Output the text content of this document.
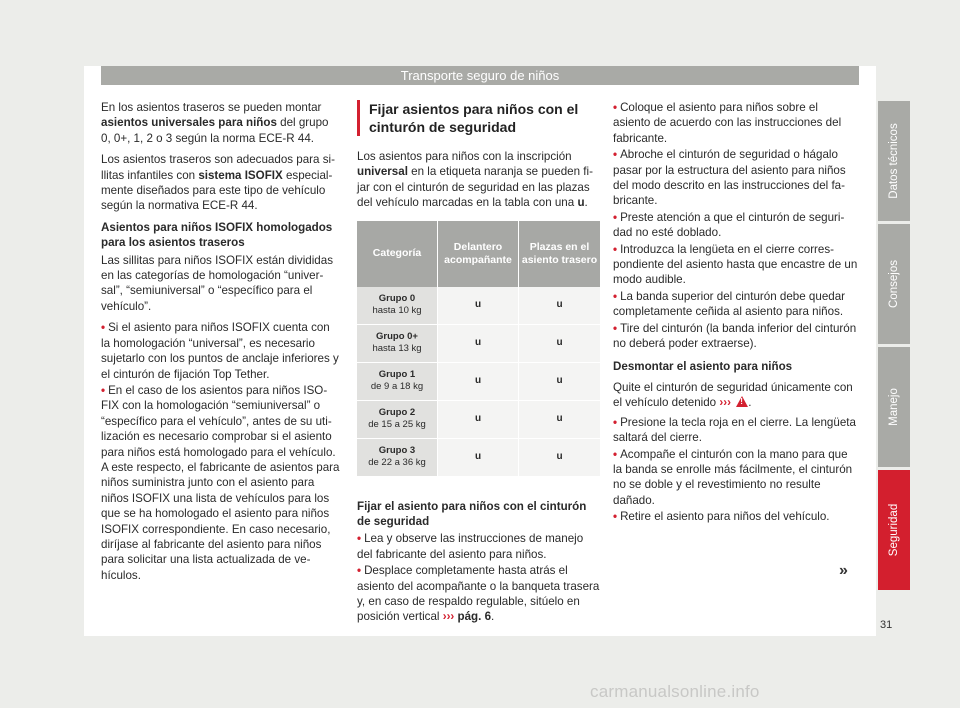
Transporte seguro de niños

En los asientos traseros se pueden montar asientos universales para niños del grupo 0, 0+, 1, 2 o 3 según la norma ECE-R 44.

Los asientos traseros son adecuados para sillitas infantiles con sistema ISOFIX especialmente diseñados para este tipo de vehículo según la normativa ECE-R 44.

Asientos para niños ISOFIX homologados para los asientos traseros

Las sillitas para niños ISOFIX están divididas en las categorías de homologación “universal”, “semiuniversal” o “específico para el vehículo”.

• Si el asiento para niños ISOFIX cuenta con la homologación “universal”, es necesario sujetarlo con los puntos de anclaje inferiores y el cinturón de fijación Top Tether.

• En el caso de los asientos para niños ISOFIX con la homologación “semiuniversal” o “específico para el vehículo”, antes de su utilización es necesario comprobar si el asiento para niños está homologado para el vehículo. A este respecto, el fabricante de asientos para niños suministra junto con el asiento para niños ISOFIX una lista de vehículos para los que se ha homologado el asiento para niños ISOFIX correspondiente. En caso necesario, diríjase al fabricante del asiento para niños para solicitar una lista actualizada de vehículos.

Fijar asientos para niños con el
cinturón de seguridad

Los asientos para niños con la inscripción universal en la etiqueta naranja se pueden fijar con el cinturón de seguridad en las plazas del vehículo marcadas en la tabla con una u.

Categoría	Delantero acompañante	Plazas en el asiento trasero

Grupo 0
hasta 10 kg	u	u

Grupo 0+
hasta 13 kg	u	u

Grupo 1
de 9 a 18 kg	u	u

Grupo 2
de 15 a 25 kg	u	u

Grupo 3
de 22 a 36 kg	u	u

Fijar el asiento para niños con el cinturón de seguridad

• Lea y observe las instrucciones de manejo del fabricante del asiento para niños.

• Desplace completamente hasta atrás el asiento del acompañante o la banqueta trasera y, en caso de respaldo regulable, sitúelo en posición vertical ››› pág. 6.

• Coloque el asiento para niños sobre el asiento de acuerdo con las instrucciones del fabricante.

• Abroche el cinturón de seguridad o hágalo pasar por la estructura del asiento para niños del modo descrito en las instrucciones del fabricante.

• Preste atención a que el cinturón de seguridad no esté doblado.

• Introduzca la lengüeta en el cierre correspondiente del asiento hasta que encastre de un modo audible.

• La banda superior del cinturón debe quedar completamente ceñida al asiento para niños.

• Tire del cinturón (la banda inferior del cinturón no deberá poder extraerse).

Desmontar el asiento para niños

Quite el cinturón de seguridad únicamente con el vehículo detenido ››› ! .

• Presione la tecla roja en el cierre. La lengüeta saltará del cierre.

• Acompañe el cinturón con la mano para que la banda se enrolle más fácilmente, el cinturón no se doble y el revestimiento no resulte dañado.

• Retire el asiento para niños del vehículo.

»
Datos técnicos
Consejos
Manejo
Seguridad
31
carmanualsonline.info
